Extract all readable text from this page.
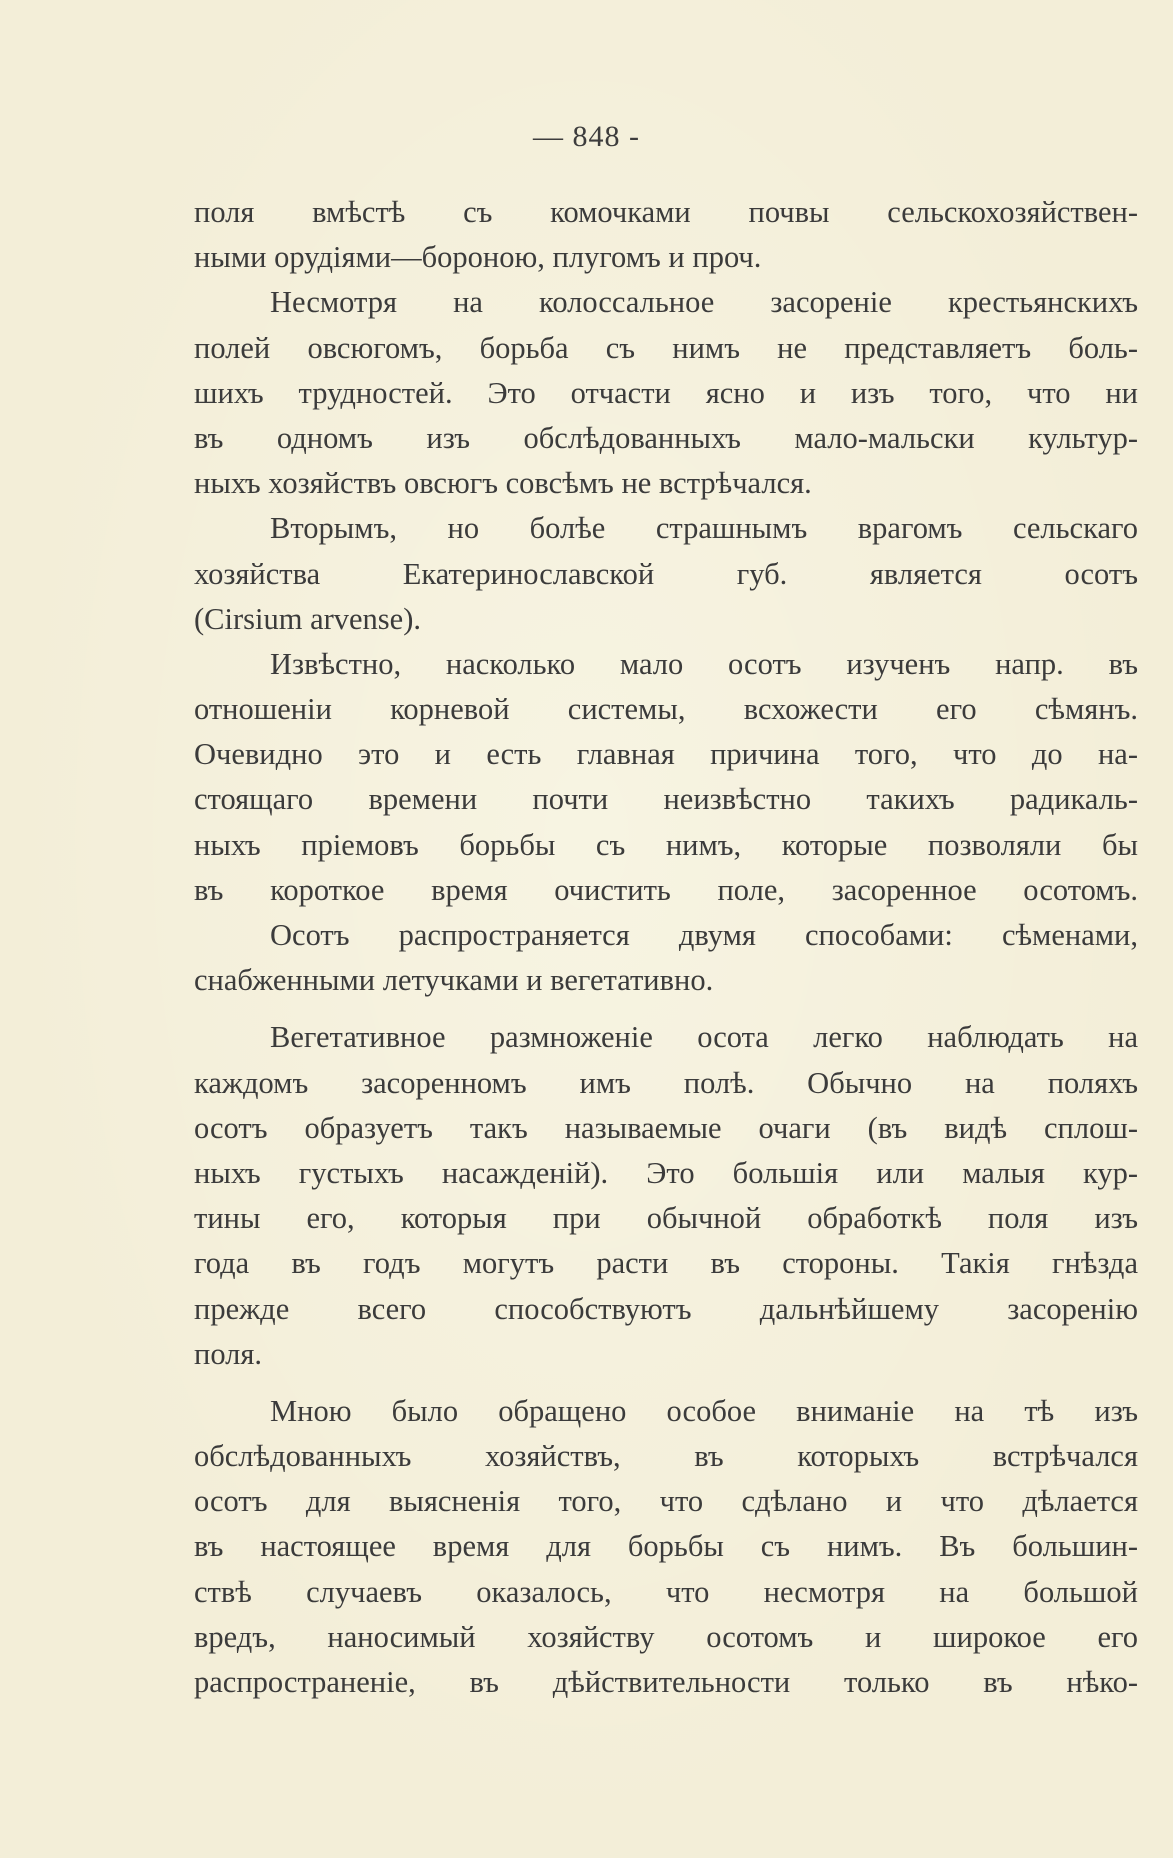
— 848 -
поля вмѣстѣ съ комочками почвы сельскохозяйствен-
ными орудiями—бороною, плугомъ и проч.
Несмотря на колоссальное засоренiе крестьянскихъ
полей овсюгомъ, борьба съ нимъ не представляетъ боль-
шихъ трудностей. Это отчасти ясно и изъ того, что ни
въ одномъ изъ обслѣдованныхъ мало-мальски культур-
ныхъ хозяйствъ овсюгъ совсѣмъ не встрѣчался.
Вторымъ, но болѣе страшнымъ врагомъ сельскаго
хозяйства Екатеринославской губ. является осотъ
(Cirsium arvense).
Извѣстно, насколько мало осотъ изученъ напр. въ
отношенiи корневой системы, всхожести его сѣмянъ.
Очевидно это и есть главная причина того, что до на-
стоящаго времени почти неизвѣстно такихъ радикаль-
ныхъ прiемовъ борьбы съ нимъ, которые позволяли бы
въ короткое время очистить поле, засоренное осотомъ.
Осотъ распространяется двумя способами: сѣменами,
снабженными летучками и вегетативно.
Вегетативное размноженiе осота легко наблюдать на
каждомъ засоренномъ имъ полѣ. Обычно на поляхъ
осотъ образуетъ такъ называемые очаги (въ видѣ сплош-
ныхъ густыхъ насажденiй). Это большiя или малыя кур-
тины его, которыя при обычной обработкѣ поля изъ
года въ годъ могутъ расти въ стороны. Такiя гнѣзда
прежде всего способствуютъ дальнѣйшему засоренiю
поля.
Мною было обращено особое вниманiе на тѣ изъ
обслѣдованныхъ хозяйствъ, въ которыхъ встрѣчался
осотъ для выясненiя того, что сдѣлано и что дѣлается
въ настоящее время для борьбы съ нимъ. Въ большин-
ствѣ случаевъ оказалось, что несмотря на большой
вредъ, наносимый хозяйству осотомъ и широкое его
распространенiе, въ дѣйствительности только въ нѣко-
